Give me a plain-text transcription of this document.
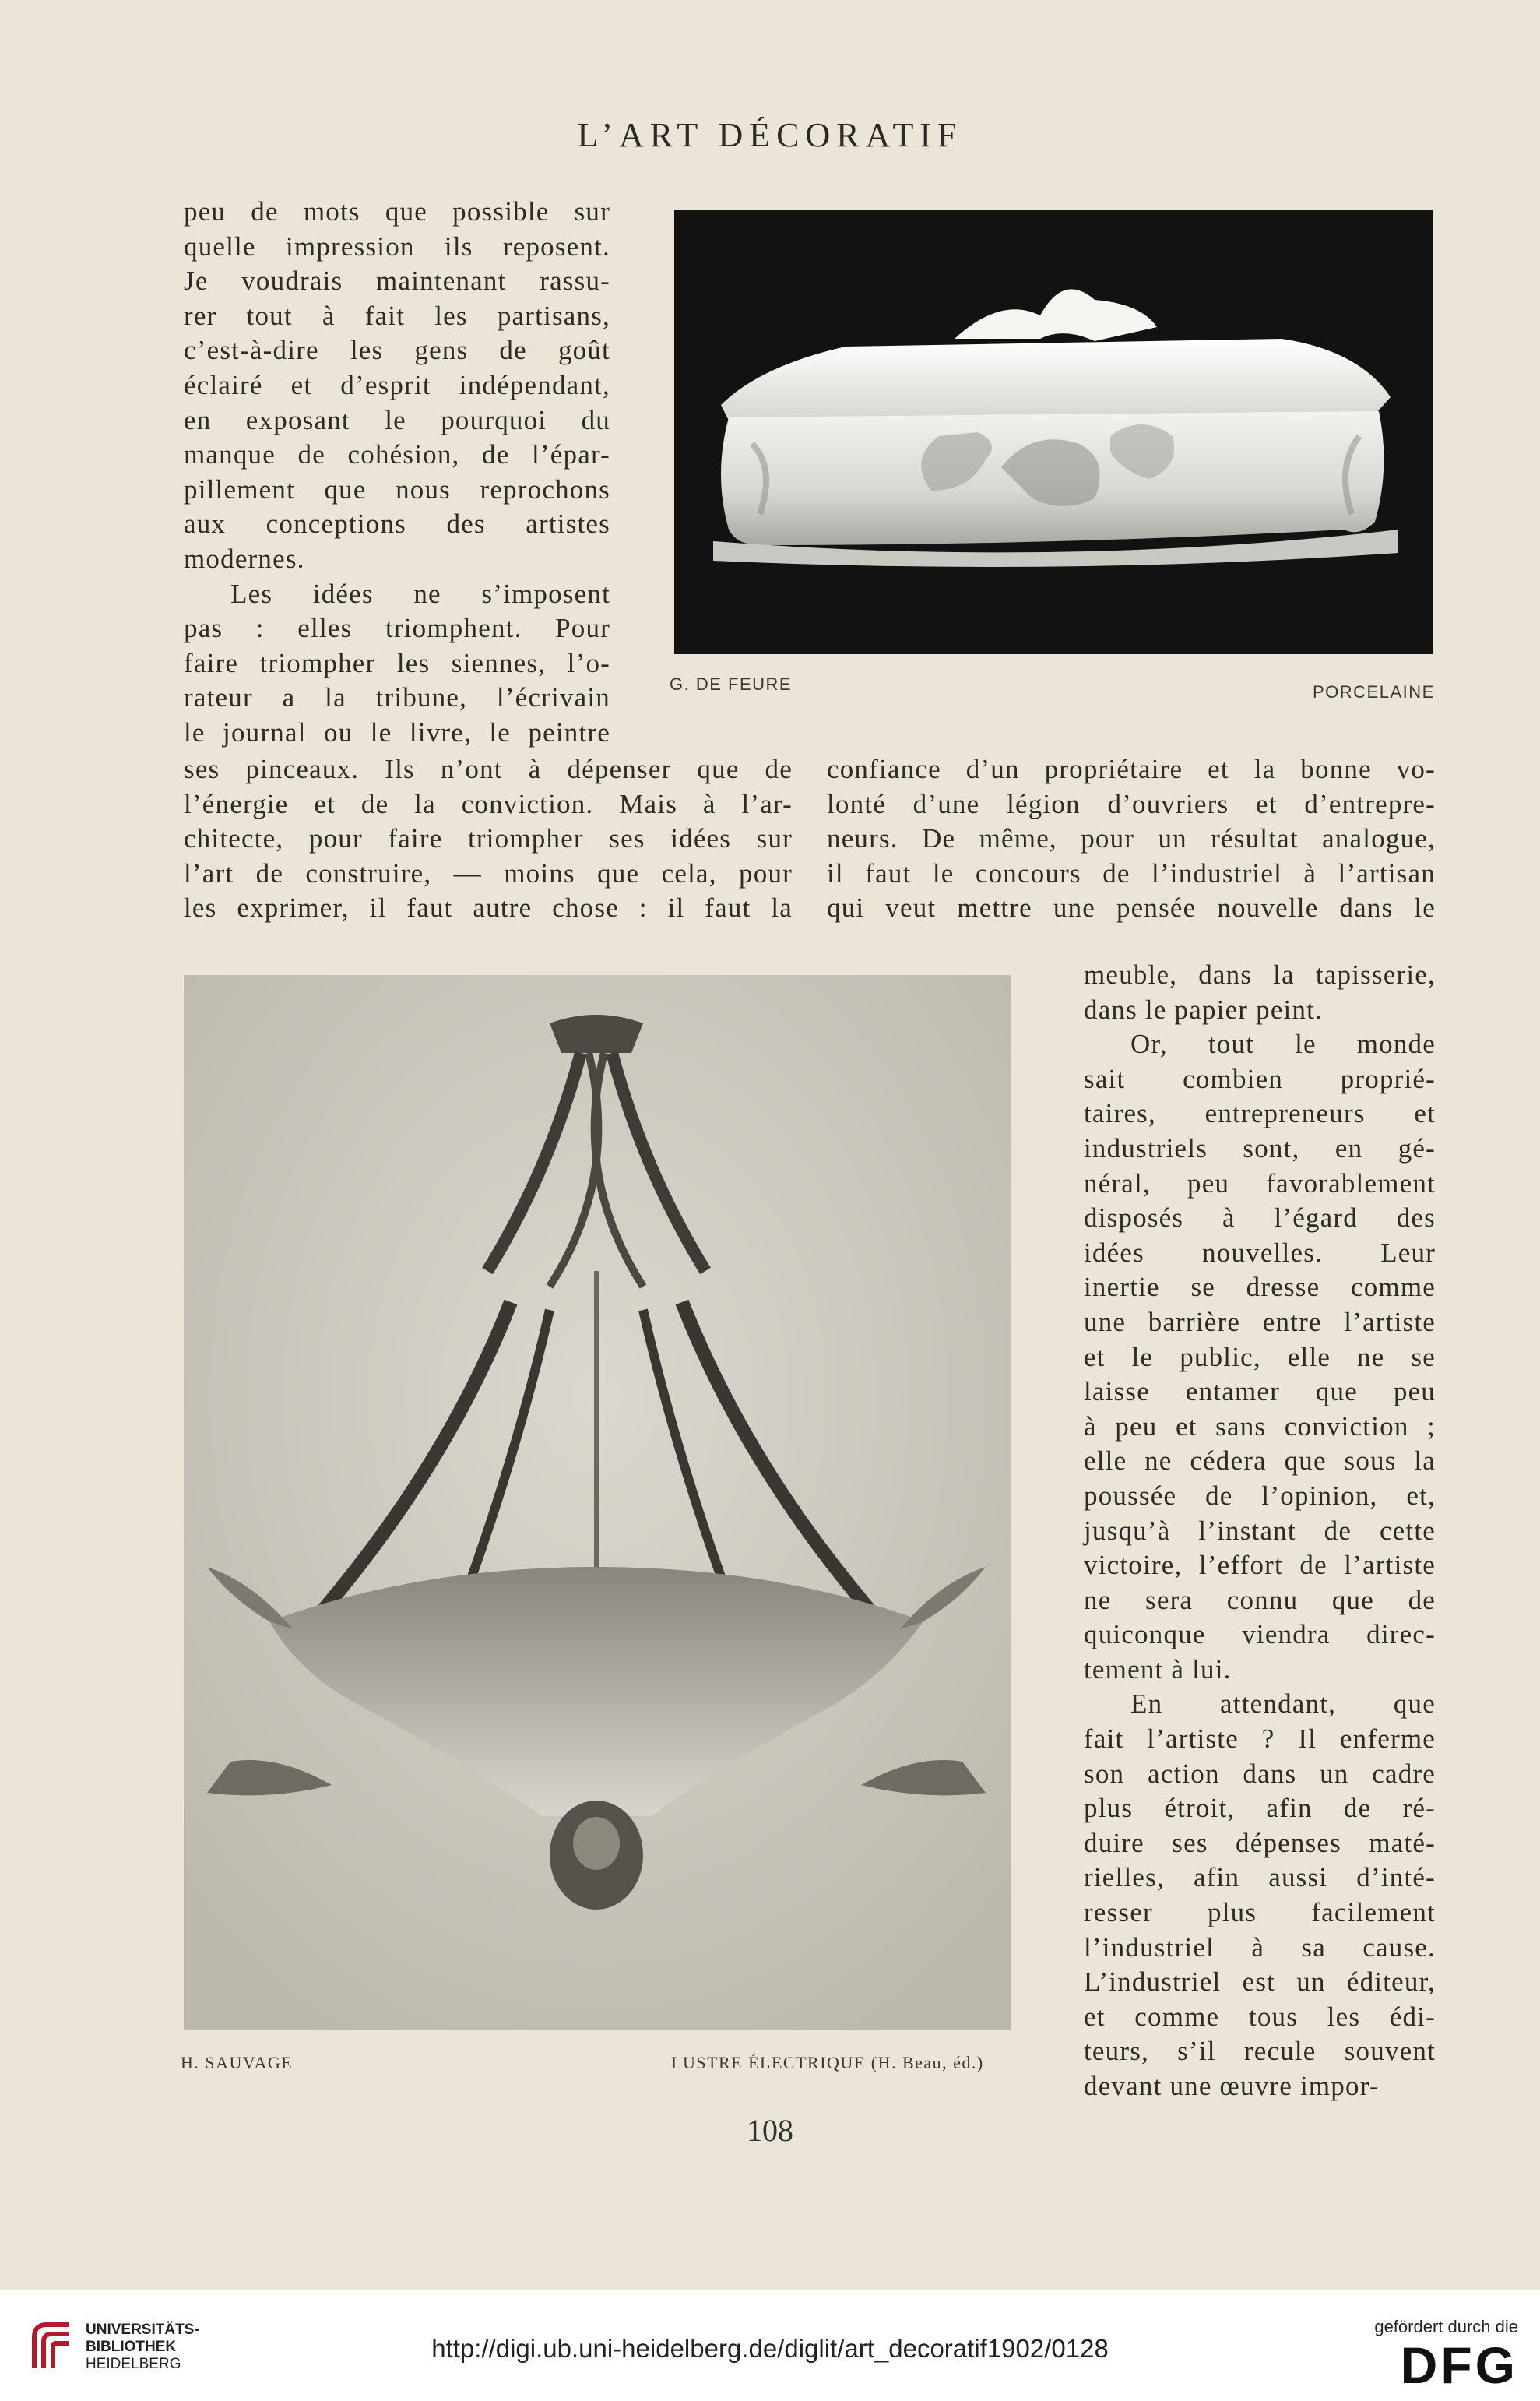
L’ART DÉCORATIF
peu de mots que possible sur
quelle impression ils reposent.
Je voudrais maintenant rassu-
rer tout à fait les partisans,
c’est-à-dire les gens de goût
éclairé et d’esprit indépendant,
en exposant le pourquoi du
manque de cohésion, de l’épar-
pillement que nous reprochons
aux conceptions des artistes
modernes.
Les idées ne s’imposent
pas : elles triomphent. Pour
faire triompher les siennes, l’o-
rateur a la tribune, l’écrivain
le journal ou le livre, le peintre
G. DE FEURE	PORCELAINE
ses pinceaux. Ils n’ont à dépenser que de
l’énergie et de la conviction. Mais à l’ar-
chitecte, pour faire triompher ses idées sur
l’art de construire, — moins que cela, pour
les exprimer, il faut autre chose : il faut la
confiance d’un propriétaire et la bonne vo-
lonté d’une légion d’ouvriers et d’entrepre-
neurs. De même, pour un résultat analogue,
il faut le concours de l’industriel à l’artisan
qui veut mettre une pensée nouvelle dans le
H. SAUVAGE	LUSTRE ÉLECTRIQUE (H. Beau, éd.)
meuble, dans la tapisserie,
dans le papier peint.
Or, tout le monde
sait combien proprié-
taires, entrepreneurs et
industriels sont, en gé-
néral, peu favorablement
disposés à l’égard des
idées nouvelles. Leur
inertie se dresse comme
une barrière entre l’artiste
et le public, elle ne se
laisse entamer que peu
à peu et sans conviction ;
elle ne cédera que sous la
poussée de l’opinion, et,
jusqu’à l’instant de cette
victoire, l’effort de l’artiste
ne sera connu que de
quiconque viendra direc-
tement à lui.
En attendant, que
fait l’artiste ? Il enferme
son action dans un cadre
plus étroit, afin de ré-
duire ses dépenses maté-
rielles, afin aussi d’inté-
resser plus facilement
l’industriel à sa cause.
L’industriel est un éditeur,
et comme tous les édi-
teurs, s’il recule souvent
devant une œuvre impor-
108
UNIVERSITÄTS-
BIBLIOTHEK
HEIDELBERG
http://digi.ub.uni-heidelberg.de/diglit/art_decoratif1902/0128
gefördert durch die
DFG
